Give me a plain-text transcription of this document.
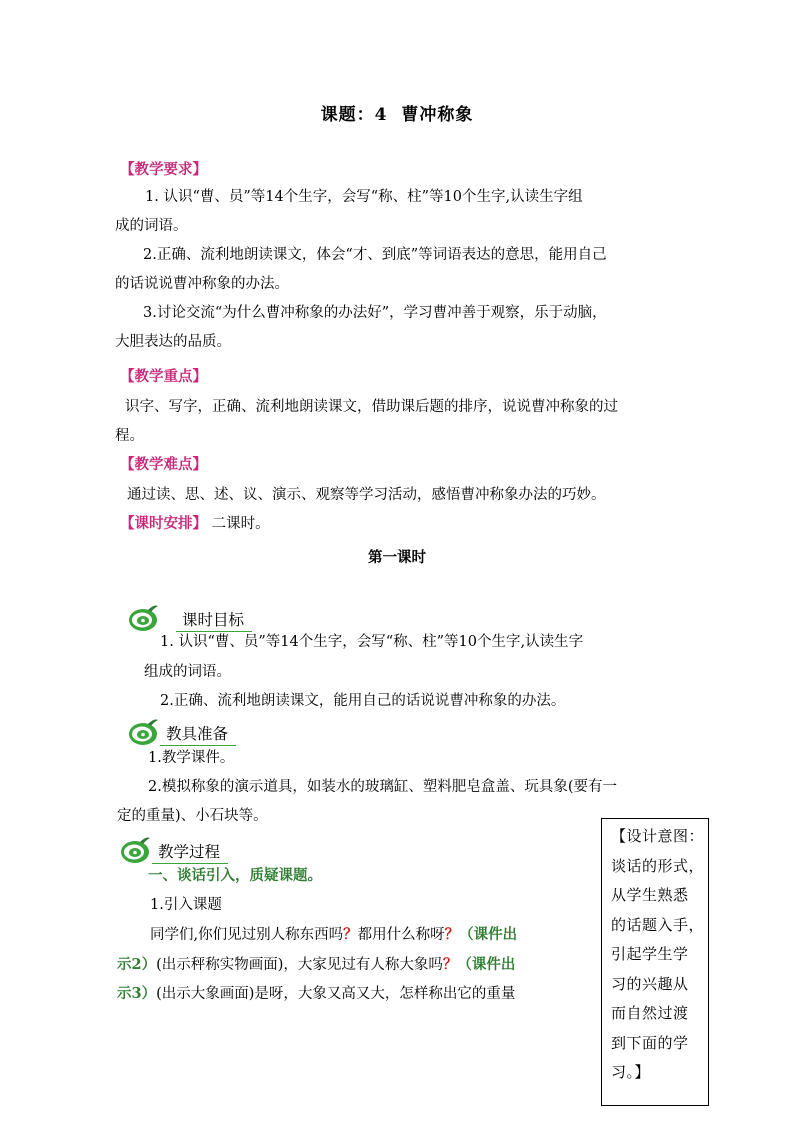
课题：4 曹冲称象
【教学要求】
1. 认识“曹、员”等14个生字，会写“称、柱”等10个生字,认读生字组
成的词语。
2.正确、流利地朗读课文，体会“才、到底”等词语表达的意思，能用自己
的话说说曹冲称象的办法。
3.讨论交流“为什么曹冲称象的办法好”，学习曹冲善于观察，乐于动脑，
大胆表达的品质。
【教学重点】
识字、写字，正确、流利地朗读课文，借助课后题的排序，说说曹冲称象的过
程。
【教学难点】
通过读、思、述、议、演示、观察等学习活动，感悟曹冲称象办法的巧妙。
【课时安排】 二课时。
第一课时
课时目标
1. 认识“曹、员”等14个生字，会写“称、柱”等10个生字,认读生字
组成的词语。
2.正确、流利地朗读课文，能用自己的话说说曹冲称象的办法。
教具准备
1.教学课件。
2.模拟称象的演示道具，如装水的玻璃缸、塑料肥皂盒盖、玩具象(要有一
定的重量)、小石块等。
教学过程
一、谈话引入，质疑课题。
1.引入课题
同学们,你们见过别人称东西吗？都用什么称呀？（课件出
示2）(出示秤称实物画面)，大家见过有人称大象吗？（课件出
示3）(出示大象画面)是呀，大象又高又大，怎样称出它的重量
【设计意图：
谈话的形式，
从学生熟悉
的话题入手，
引起学生学
习的兴趣从
而自然过渡
到下面的学
习。】
